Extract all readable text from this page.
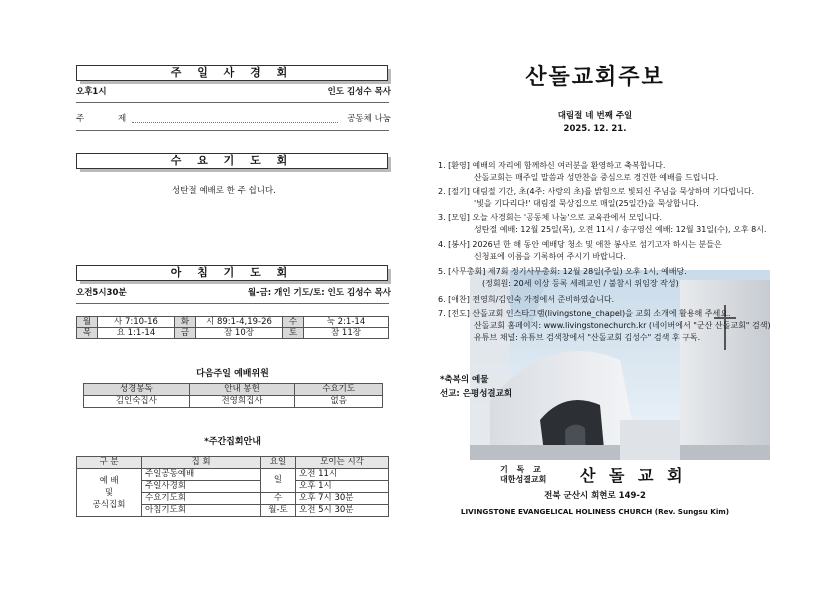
주 일 사 경 회
오후1시	인도 김성수 목사
주	제	공동체 나눔
수 요 기 도 회
성탄절 예배로 한 주 쉽니다.
아 침 기 도 회
오전5시30분	월-금: 개인 기도/토: 인도 김성수 목사
월	사 7:10-16	화	시 89:1-4,19-26	수	눅 2:1-14
목	요 1:1-14	금	잠 10장	토	잠 11장
다음주일 예배위원
성경봉독	안내 봉헌	수요기도
김인숙집사	전영희집사	없음
*주간집회안내
구 분	집 회	요일	모이는 시각

예 배
및
공식집회	주일공동예배	일	오전 11시
	주일사경회		오후 1시
	수요기도회	수	오후 7시 30분
	아침기도회	월-토	오전 5시 30분
산돌교회주보
대림절 네 번째 주일
2025. 12. 21.
1. [환영] 예배의 자리에 함께하신 여러분을 환영하고 축복합니다.
산돌교회는 매주일 말씀과 성만찬을 중심으로 경건한 예배를 드립니다.
2. [절기] 대림절 기간, 초(4주: 사랑의 초)를 밝힘으로 빛되신 주님을 묵상하며 기다립니다.
'빛을 기다리다!' 대림절 묵상집으로 매일(25일간)을 묵상합니다.
3. [모임] 오늘 사경회는 '공동체 나눔'으로 교육관에서 모입니다.
성탄절 예배: 12월 25일(목), 오전 11시 / 송구영신 예배: 12월 31일(수), 오후 8시.
4. [봉사] 2026년 한 해 동안 예배당 청소 및 애찬 봉사로 섬기고자 하시는 분들은
신청표에 이름을 기록하여 주시기 바랍니다.
5. [사무총회] 제7회 정기사무총회: 12월 28일(주일) 오후 1시, 예배당.
(정회원: 20세 이상 등록 세례교인 / 불참시 위임장 작성)
6. [애찬] 전영희/김인숙 가정에서 준비하였습니다.
7. [전도] 산돌교회 인스타그램(livingstone_chapel)을 교회 소개에 활용해 주세요.
산돌교회 홈페이지: www.livingstonechurch.kr (네이버에서 "군산 산돌교회" 검색)
유튜브 채널: 유튜브 검색창에서 "산돌교회 김성수" 검색 후 구독.
*축복의 예물
선교: 은평성결교회
기 독 교
대한성결교회 산 돌 교 회
전북 군산시 회현로 149-2
LIVINGSTONE EVANGELICAL HOLINESS CHURCH (Rev. Sungsu Kim)
